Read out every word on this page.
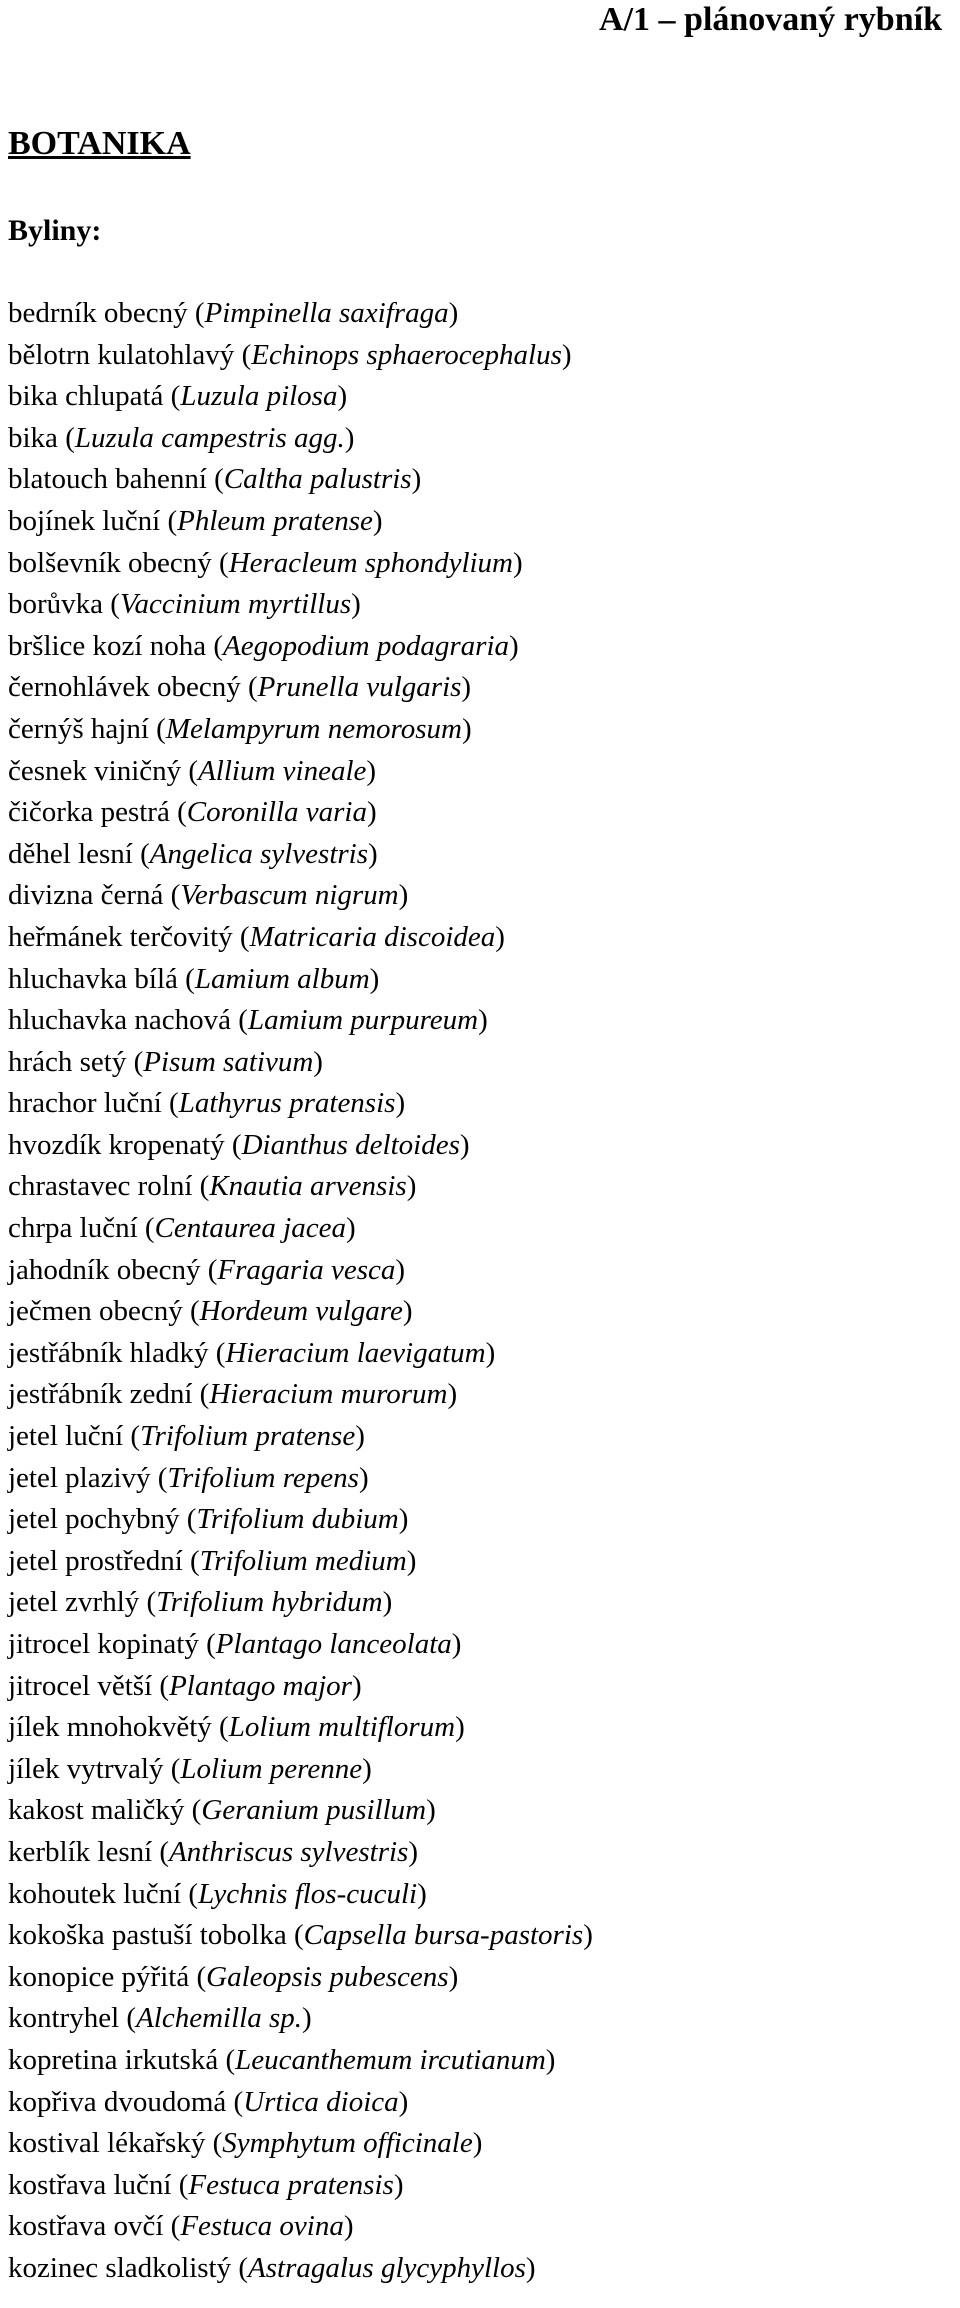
A/1 – plánovaný rybník
BOTANIKA
Byliny:
bedrník obecný (Pimpinella saxifraga)
bělotrn kulatohlavý (Echinops sphaerocephalus)
bika chlupatá (Luzula pilosa)
bika (Luzula campestris agg.)
blatouch bahenní (Caltha palustris)
bojínek luční (Phleum pratense)
bolševník obecný (Heracleum sphondylium)
borůvka (Vaccinium myrtillus)
bršlice kozí noha (Aegopodium podagraria)
černohlávek obecný (Prunella vulgaris)
černýš hajní (Melampyrum nemorosum)
česnek viničný (Allium vineale)
čičorka pestrá (Coronilla varia)
děhel lesní (Angelica sylvestris)
divizna černá (Verbascum nigrum)
heřmánek terčovitý (Matricaria discoidea)
hluchavka bílá (Lamium album)
hluchavka nachová (Lamium purpureum)
hrách setý (Pisum sativum)
hrachor luční (Lathyrus pratensis)
hvozdík kropenatý (Dianthus deltoides)
chrastavec rolní (Knautia arvensis)
chrpa luční (Centaurea jacea)
jahodník obecný (Fragaria vesca)
ječmen obecný (Hordeum vulgare)
jestřábník hladký (Hieracium laevigatum)
jestřábník zední (Hieracium murorum)
jetel luční (Trifolium pratense)
jetel plazivý (Trifolium repens)
jetel pochybný (Trifolium dubium)
jetel prostřední (Trifolium medium)
jetel zvrhlý (Trifolium hybridum)
jitrocel kopinatý (Plantago lanceolata)
jitrocel větší (Plantago major)
jílek mnohokvětý (Lolium multiflorum)
jílek vytrvalý (Lolium perenne)
kakost maličký (Geranium pusillum)
kerblík lesní (Anthriscus sylvestris)
kohoutek luční (Lychnis flos-cuculi)
kokoška pastuší tobolka (Capsella bursa-pastoris)
konopice pýřitá (Galeopsis pubescens)
kontryhel (Alchemilla sp.)
kopretina irkutská (Leucanthemum ircutianum)
kopřiva dvoudomá (Urtica dioica)
kostival lékařský (Symphytum officinale)
kostřava luční (Festuca pratensis)
kostřava ovčí (Festuca ovina)
kozinec sladkolistý (Astragalus glycyphyllos)
